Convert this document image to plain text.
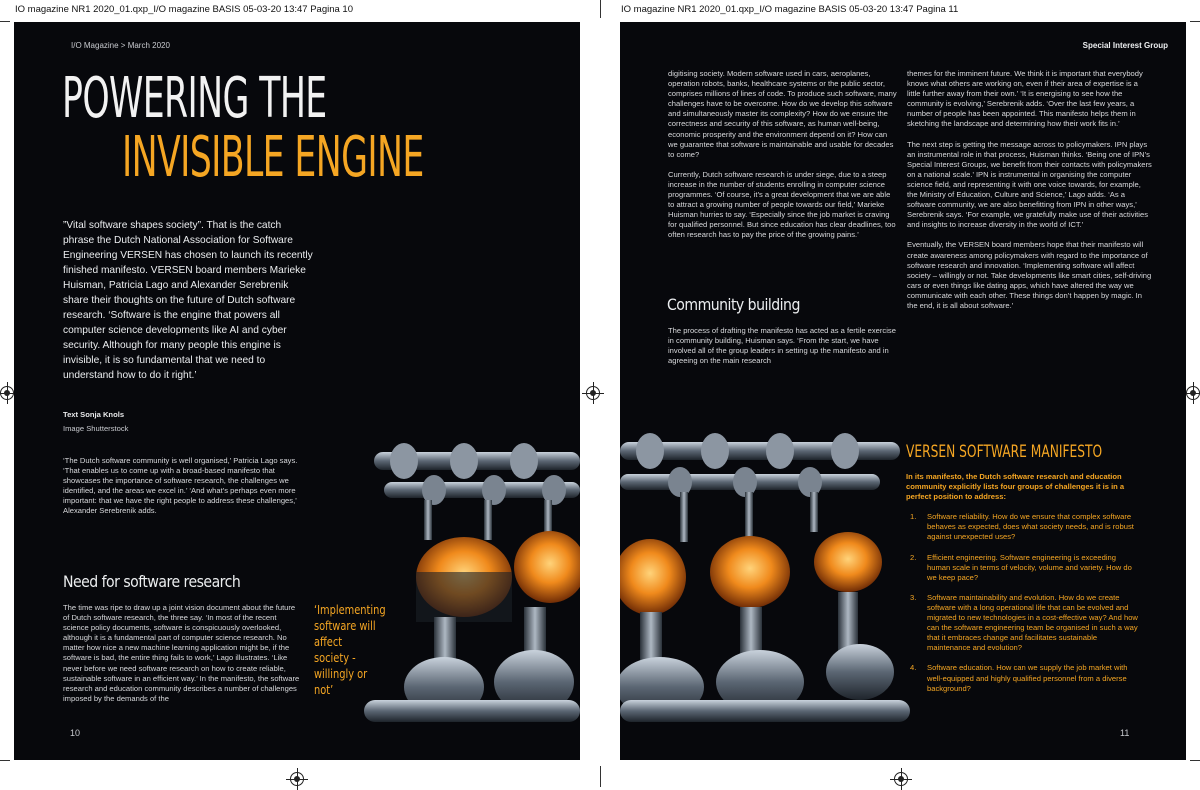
IO magazine NR1 2020_01.qxp_I/O magazine BASIS 05-03-20 13:47 Pagina 10	IO magazine NR1 2020_01.qxp_I/O magazine BASIS 05-03-20 13:47 Pagina 11
I/O Magazine > March 2020
POWERING THE
INVISIBLE ENGINE
”Vital software shapes society”. That is the catch phrase the Dutch National Association for Software Engineering VERSEN has chosen to launch its recently finished manifesto. VERSEN board members Marieke Huisman, Patricia Lago and Alexander Serebrenik share their thoughts on the future of Dutch software research. ‘Software is the engine that powers all computer science developments like AI and cyber security. Although for many people this engine is invisible, it is so fundamental that we need to understand how to do it right.’
Text Sonja Knols
Image Shutterstock
‘The Dutch software community is well organised,’ Patricia Lago says. ‘That enables us to come up with a broad-based manifesto that showcases the importance of software research, the challenges we identified, and the areas we excel in.’ ‘And what’s perhaps even more important: that we have the right people to address these challenges,’ Alexander Serebrenik adds.
Need for software research
The time was ripe to draw up a joint vision document about the future of Dutch software research, the three say. ‘In most of the recent science policy documents, software is conspicuously overlooked, although it is a fundamental part of computer science research. No matter how nice a new machine learning application might be, if the software is bad, the entire thing fails to work,’ Lago illustrates. ‘Like never before we need software research on how to create reliable, sustainable software in an efficient way.’ In the manifesto, the software research and education community describes a number of challenges imposed by the demands of the
‘Implementing software will affect society - willingly or not’
10
Special Interest Group

digitising society. Modern software used in cars, aeroplanes, operation robots, banks, healthcare systems or the public sector, comprises millions of lines of code. To produce such software, many challenges have to be overcome. How do we develop this software and simultaneously master its complexity? How do we ensure the correctness and security of this software, as human well-being, economic prosperity and the environment depend on it? How can we guarantee that software is maintainable and usable for decades to come?

Currently, Dutch software research is under siege, due to a steep increase in the number of students enrolling in computer science programmes. ‘Of course, it’s a great development that we are able to attract a growing number of people towards our field,’ Marieke Huisman hurries to say. ‘Especially since the job market is craving for qualified personnel. But since education has clear deadlines, too often research has to pay the price of the growing pains.’

Community building
The process of drafting the manifesto has acted as a fertile exercise in community building, Huisman says. ‘From the start, we have involved all of the group leaders in setting up the manifesto and in agreeing on the main research

themes for the imminent future. We think it is important that everybody knows what others are working on, even if their area of expertise is a little further away from their own.’ ‘It is energising to see how the community is evolving,’ Serebrenik adds. ‘Over the last few years, a number of people has been appointed. This manifesto helps them in sketching the landscape and determining how their work fits in.’

The next step is getting the message across to policymakers. IPN plays an instrumental role in that process, Huisman thinks. ‘Being one of IPN’s Special Interest Groups, we benefit from their contacts with policymakers on a national scale.’ IPN is instrumental in organising the computer science field, and representing it with one voice towards, for example, the Ministry of Education, Culture and Science,’ Lago adds. ‘As a software community, we are also benefitting from IPN in other ways,’ Serebrenik says. ‘For example, we gratefully make use of their activities and insights to increase diversity in the world of ICT.’

Eventually, the VERSEN board members hope that their manifesto will create awareness among policymakers with regard to the importance of software research and innovation. ‘Implementing software will affect society – willingly or not. Take developments like smart cities, self-driving cars or even things like dating apps, which have altered the way we communicate with each other. These things don’t happen by magic. In the end, it is all about software.’

VERSEN SOFTWARE MANIFESTO
In its manifesto, the Dutch software research and education community explicitly lists four groups of challenges it is in a perfect position to address:
1.	Software reliability. How do we ensure that complex software behaves as expected, does what society needs, and is robust against unexpected uses?
2.	Efficient engineering. Software engineering is exceeding human scale in terms of velocity, volume and variety. How do we keep pace?
3.	Software maintainability and evolution. How do we create software with a long operational life that can be evolved and migrated to new technologies in a cost-effective way? And how can the software engineering team be organised in such a way that it embraces change and facilitates sustainable maintenance and evolution?
4.	Software education. How can we supply the job market with well-equipped and highly qualified personnel from a diverse background?
11
